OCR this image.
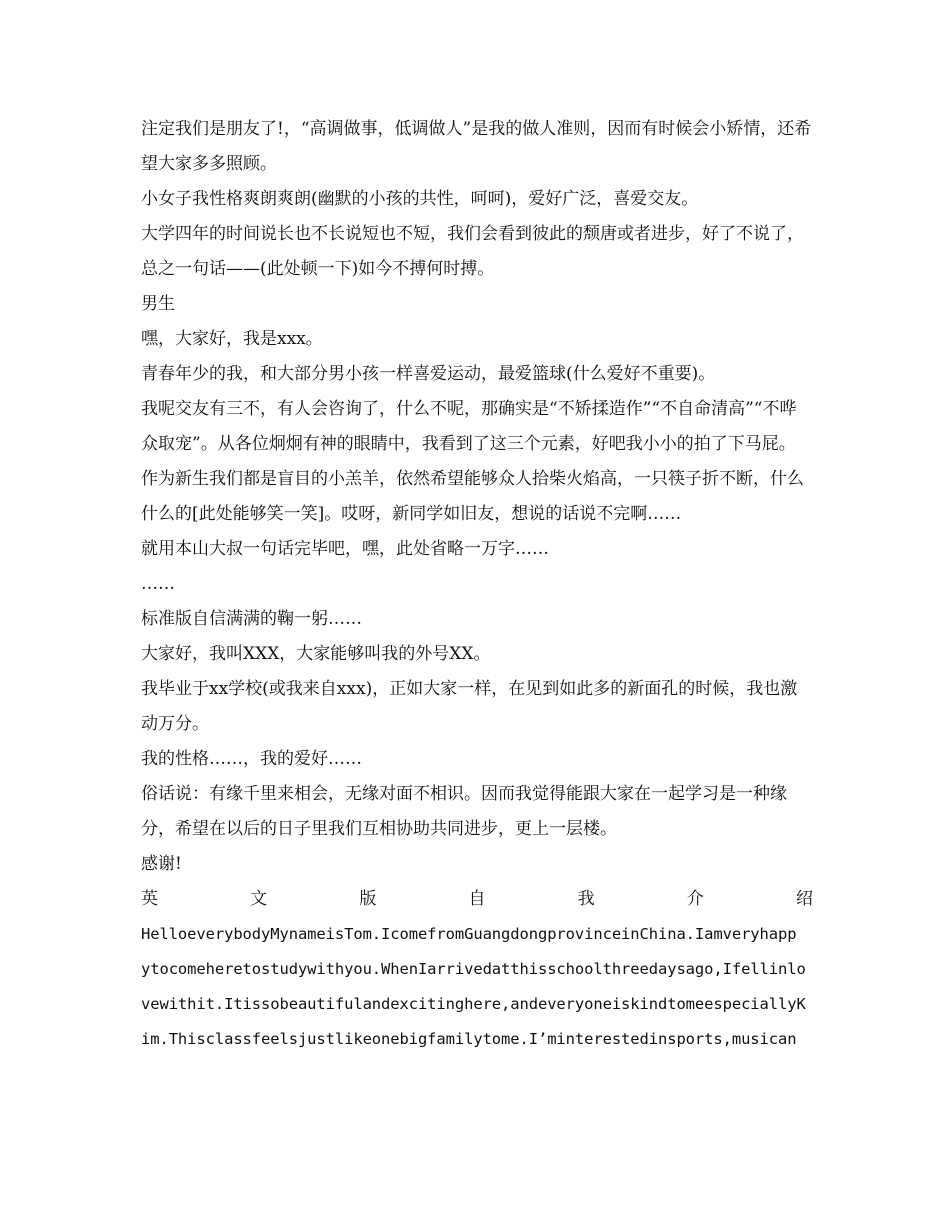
注定我们是朋友了!，“高调做事，低调做人”是我的做人准则，因而有时候会小矫情，还希望大家多多照顾。

小女子我性格爽朗爽朗(幽默的小孩的共性，呵呵)，爱好广泛，喜爱交友。

大学四年的时间说长也不长说短也不短，我们会看到彼此的颓唐或者进步，好了不说了，总之一句话——(此处顿一下)如今不搏何时搏。

男生

嘿，大家好，我是xxx。

青春年少的我，和大部分男小孩一样喜爱运动，最爱篮球(什么爱好不重要)。

我呢交友有三不，有人会咨询了，什么不呢，那确实是“不矫揉造作”“不自命清高”“不哗众取宠”。从各位炯炯有神的眼睛中，我看到了这三个元素，好吧我小小的拍了下马屁。

作为新生我们都是盲目的小羔羊，依然希望能够众人拾柴火焰高，一只筷子折不断，什么什么的[此处能够笑一笑]。哎呀，新同学如旧友，想说的话说不完啊……

就用本山大叔一句话完毕吧，嘿，此处省略一万字……

……

标准版自信满满的鞠一躬……

大家好，我叫XXX，大家能够叫我的外号XX。

我毕业于xx学校(或我来自xxx)，正如大家一样，在见到如此多的新面孔的时候，我也激动万分。

我的性格……，我的爱好……

俗话说：有缘千里来相会，无缘对面不相识。因而我觉得能跟大家在一起学习是一种缘分，希望在以后的日子里我们互相协助共同进步，更上一层楼。

感谢!

英	文	版	自	我	介	绍
HelloeverybodyMynameisTom.IcomefromGuangdongprovinceinChina.Iamveryhapp
ytocomeheretostudywithyou.WhenIarrivedatthisschoolthreedaysago,Ifellinlo
vewithit.Itissobeautifulandexcitinghere,andeveryoneiskindtomeespeciallyK
im.Thisclassfeelsjustlikeonebigfamilytome.I’minterestedinsports,musican
